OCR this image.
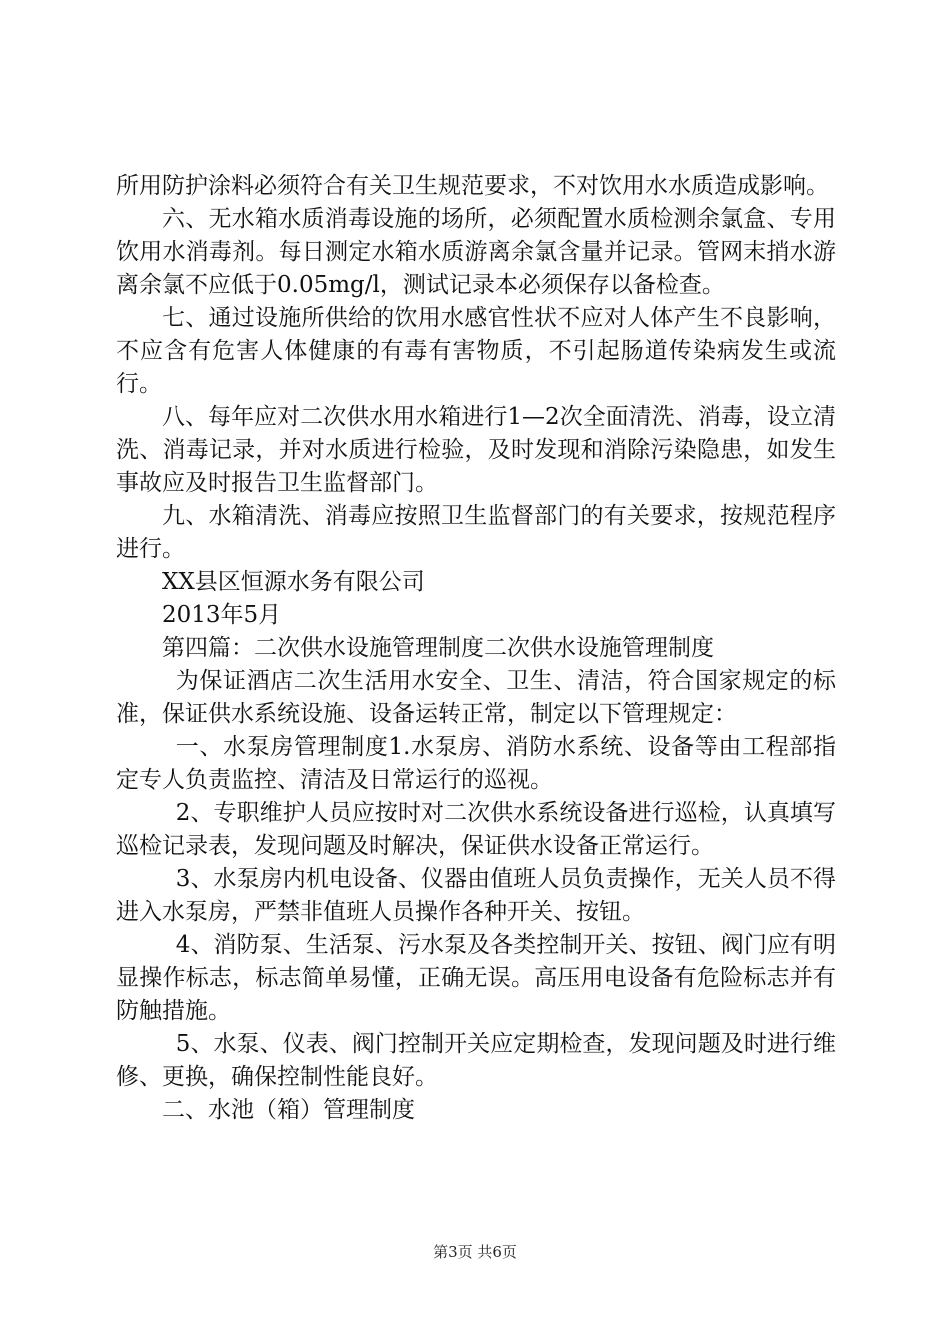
所用防护涂料必须符合有关卫生规范要求，不对饮用水水质造成影响。

六、无水箱水质消毒设施的场所，必须配置水质检测余氯盒、专用饮用水消毒剂。每日测定水箱水质游离余氯含量并记录。管网末捎水游离余氯不应低于0.05mg/l，测试记录本必须保存以备检查。

七、通过设施所供给的饮用水感官性状不应对人体产生不良影响，不应含有危害人体健康的有毒有害物质，不引起肠道传染病发生或流行。

八、每年应对二次供水用水箱进行1—2次全面清洗、消毒，设立清洗、消毒记录，并对水质进行检验，及时发现和消除污染隐患，如发生事故应及时报告卫生监督部门。

九、水箱清洗、消毒应按照卫生监督部门的有关要求，按规范程序进行。

XX县区恒源水务有限公司

2013年5月

第四篇：二次供水设施管理制度二次供水设施管理制度

为保证酒店二次生活用水安全、卫生、清洁，符合国家规定的标准，保证供水系统设施、设备运转正常，制定以下管理规定：

一、水泵房管理制度1.水泵房、消防水系统、设备等由工程部指定专人负责监控、清洁及日常运行的巡视。

2、专职维护人员应按时对二次供水系统设备进行巡检，认真填写巡检记录表，发现问题及时解决，保证供水设备正常运行。

3、水泵房内机电设备、仪器由值班人员负责操作，无关人员不得进入水泵房，严禁非值班人员操作各种开关、按钮。

4、消防泵、生活泵、污水泵及各类控制开关、按钮、阀门应有明显操作标志，标志简单易懂，正确无误。高压用电设备有危险标志并有防触措施。

5、水泵、仪表、阀门控制开关应定期检查，发现问题及时进行维修、更换，确保控制性能良好。

二、水池（箱）管理制度

第3页 共6页
